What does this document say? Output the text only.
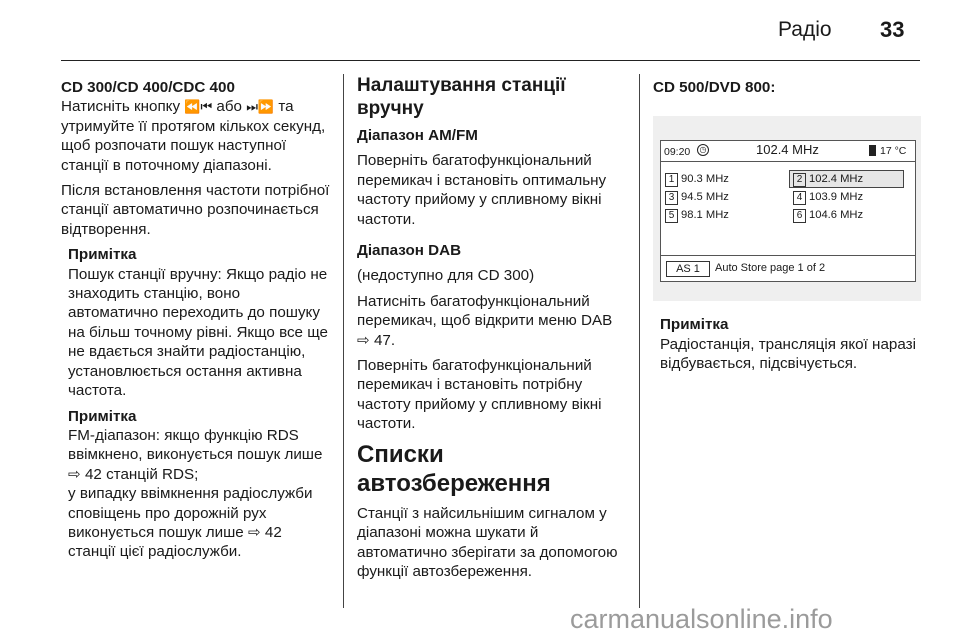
Радіо 33

CD 300/CD 400/CDC 400

Натисніть кнопку ⏪⏮ або ⏭⏩ та утримуйте її протягом кількох секунд, щоб розпочати пошук наступної станції в поточному діапазоні.

Після встановлення частоти потрібної станції автоматично розпочинається відтворення.

Примітка

Пошук станції вручну: Якщо радіо не знаходить станцію, воно автоматично переходить до пошуку на більш точному рівні. Якщо все ще не вдається знайти радіостанцію, установлюється остання активна частота.

Примітка

FM-діапазон: якщо функцію RDS ввімкнено, виконується пошук лише ⇨ 42 станцій RDS;

у випадку ввімкнення радіослужби сповіщень про дорожній рух виконується пошук лише ⇨ 42 станції цієї радіослужби.

Налаштування станції вручну

Діапазон AM/FM

Поверніть багатофункціональний перемикач і встановіть оптимальну частоту прийому у спливному вікні частоти.

Діапазон DAB

(недоступно для CD 300)

Натисніть багатофункціональний перемикач, щоб відкрити меню DAB ⇨ 47.

Поверніть багатофункціональний перемикач і встановіть потрібну частоту прийому у спливному вікні частоти.

Списки автозбереження

Станції з найсильнішим сигналом у діапазоні можна шукати й автоматично зберігати за допомогою функції автозбереження.

CD 500/DVD 800:

09:20	◷	102.4 MHz	17 °C
1 90.3 MHz	2 102.4 MHz
3 94.5 MHz	4 103.9 MHz
5 98.1 MHz	6 104.6 MHz
AS 1	Auto Store page 1 of 2

Примітка

Радіостанція, трансляція якої наразі відбувається, підсвічується.

carmanualsonline.info
